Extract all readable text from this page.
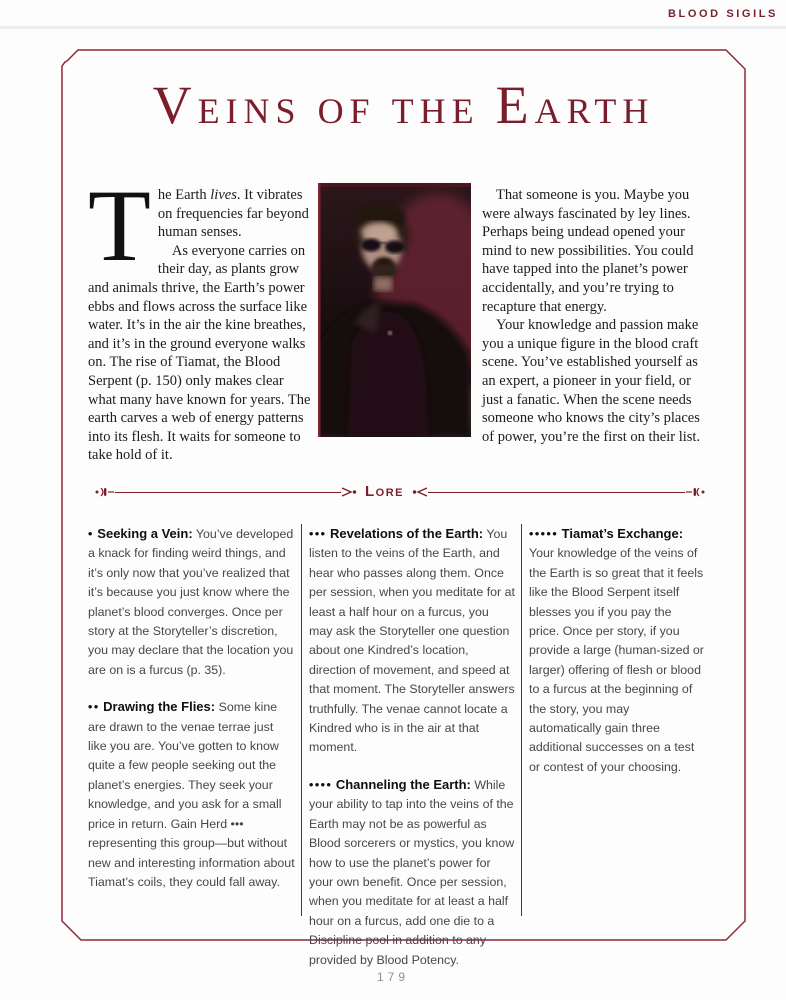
BLOOD SIGILS
VEINS OF THE EARTH
T he Earth lives. It vibrates on frequencies far beyond human senses.

As everyone carries on their day, as plants grow and animals thrive, the Earth’s power ebbs and flows across the surface like water. It’s in the air the kine breathes, and it’s in the ground everyone walks on. The rise of Tiamat, the Blood Serpent (p. 150) only makes clear what many have known for years. The earth carves a web of energy patterns into its flesh. It waits for someone to take hold of it.

That someone is you. Maybe you were always fascinated by ley lines. Perhaps being undead opened your mind to new possibilities. You could have tapped into the planet’s power accidentally, and you’re trying to recapture that energy.

Your knowledge and passion make you a unique figure in the blood craft scene. You’ve established yourself as an expert, a pioneer in your field, or just a fanatic. When the scene needs someone who knows the city’s places of power, you’re the first on their list.

Lore
• Seeking a Vein: You’ve developed a knack for finding weird things, and it’s only now that you’ve realized that it’s because you just know where the planet’s blood converges. Once per story at the Storyteller’s discretion, you may declare that the location you are on is a furcus (p. 35).
•• Drawing the Flies: Some kine are drawn to the venae terrae just like you are. You’ve gotten to know quite a few people seeking out the planet’s energies. They seek your knowledge, and you ask for a small price in return. Gain Herd ••• representing this group—but without new and interesting information about Tiamat’s coils, they could fall away.
••• Revelations of the Earth: You listen to the veins of the Earth, and hear who passes along them. Once per session, when you meditate for at least a half hour on a furcus, you may ask the Storyteller one question about one Kindred’s location, direction of movement, and speed at that moment. The Storyteller answers truthfully. The venae cannot locate a Kindred who is in the air at that moment.
•••• Channeling the Earth: While your ability to tap into the veins of the Earth may not be as powerful as Blood sorcerers or mystics, you know how to use the planet’s power for your own benefit. Once per session, when you meditate for at least a half hour on a furcus, add one die to a Discipline pool in addition to any provided by Blood Potency.
••••• Tiamat’s Exchange: Your knowledge of the veins of the Earth is so great that it feels like the Blood Serpent itself blesses you if you pay the price. Once per story, if you provide a large (human-sized or larger) offering of flesh or blood to a furcus at the beginning of the story, you may automatically gain three additional successes on a test or contest of your choosing.
179
